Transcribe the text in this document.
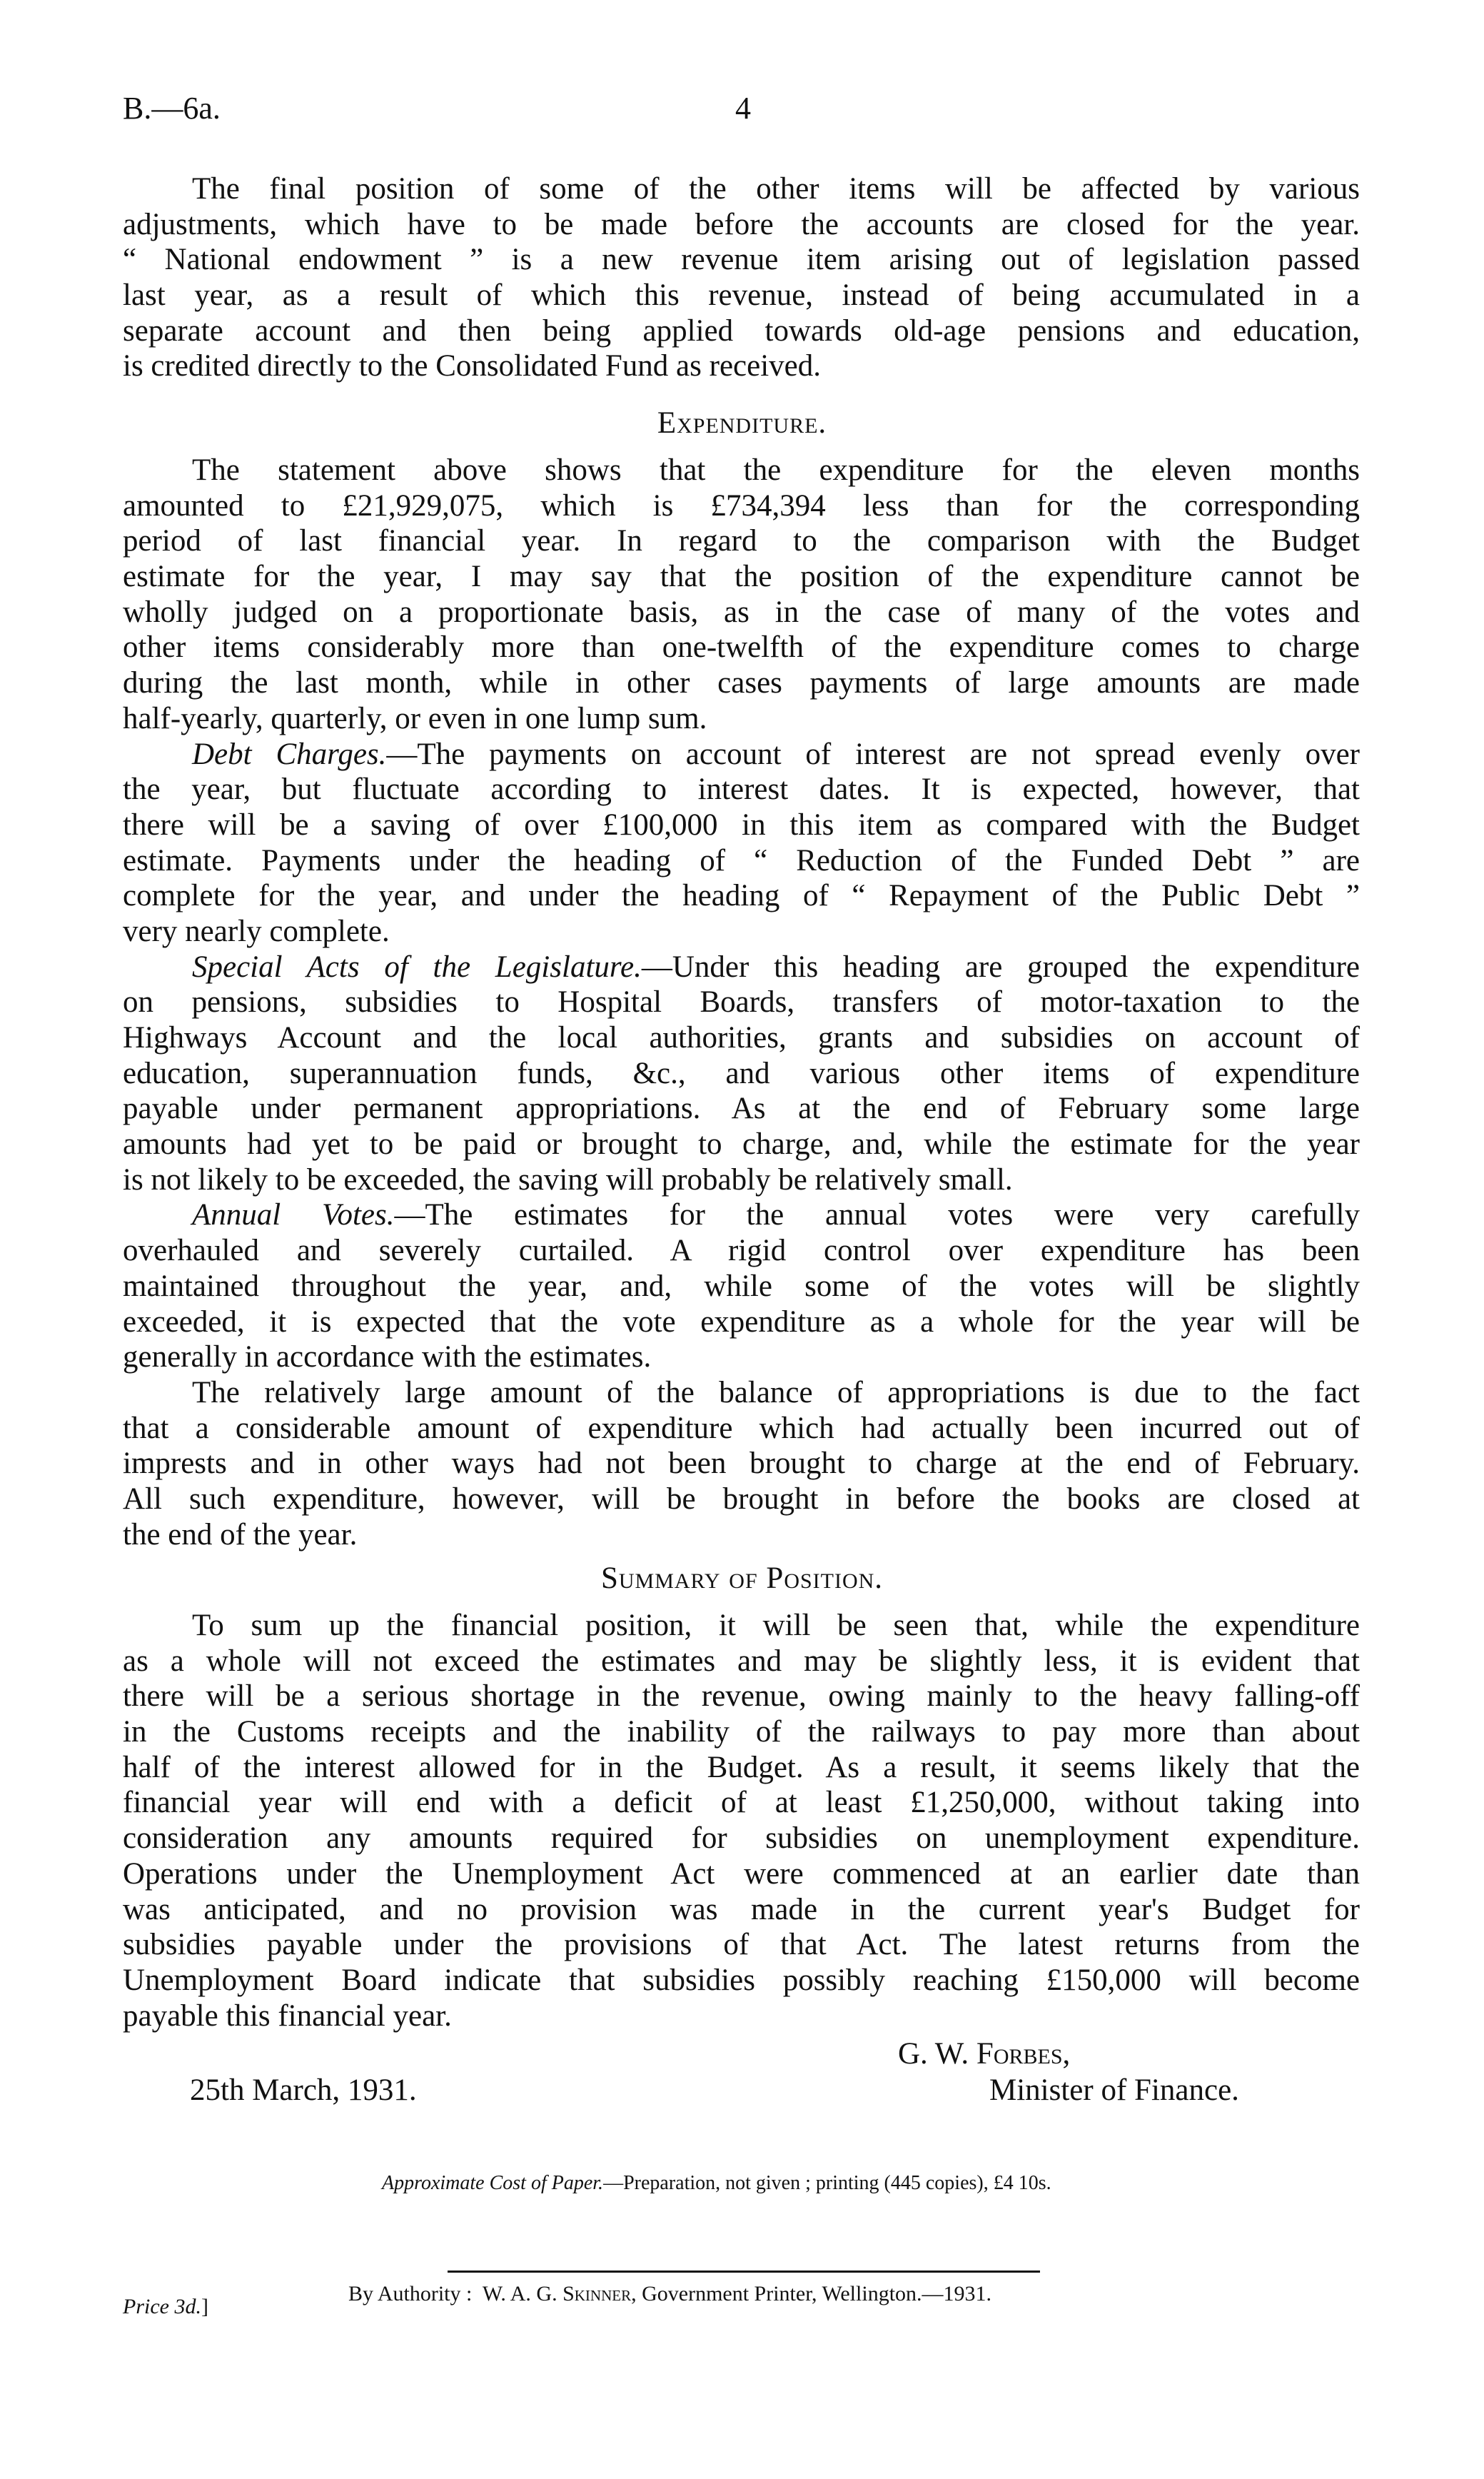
B.—6a.	4
The final position of some of the other items will be affected by various
adjustments, which have to be made before the accounts are closed for the year.
“ National endowment ” is a new revenue item arising out of legislation passed
last year, as a result of which this revenue, instead of being accumulated in a
separate account and then being applied towards old-age pensions and education,
is credited directly to the Consolidated Fund as received.
Expenditure.
The statement above shows that the expenditure for the eleven months
amounted to £21,929,075, which is £734,394 less than for the corresponding
period of last financial year. In regard to the comparison with the Budget
estimate for the year, I may say that the position of the expenditure cannot be
wholly judged on a proportionate basis, as in the case of many of the votes and
other items considerably more than one-twelfth of the expenditure comes to charge
during the last month, while in other cases payments of large amounts are made
half-yearly, quarterly, or even in one lump sum.
Debt Charges.—The payments on account of interest are not spread evenly over
the year, but fluctuate according to interest dates. It is expected, however, that
there will be a saving of over £100,000 in this item as compared with the Budget
estimate. Payments under the heading of “ Reduction of the Funded Debt ” are
complete for the year, and under the heading of “ Repayment of the Public Debt ”
very nearly complete.
Special Acts of the Legislature.—Under this heading are grouped the expenditure
on pensions, subsidies to Hospital Boards, transfers of motor-taxation to the
Highways Account and the local authorities, grants and subsidies on account of
education, superannuation funds, &c., and various other items of expenditure
payable under permanent appropriations. As at the end of February some large
amounts had yet to be paid or brought to charge, and, while the estimate for the year
is not likely to be exceeded, the saving will probably be relatively small.
Annual Votes.—The estimates for the annual votes were very carefully
overhauled and severely curtailed. A rigid control over expenditure has been
maintained throughout the year, and, while some of the votes will be slightly
exceeded, it is expected that the vote expenditure as a whole for the year will be
generally in accordance with the estimates.
The relatively large amount of the balance of appropriations is due to the fact
that a considerable amount of expenditure which had actually been incurred out of
imprests and in other ways had not been brought to charge at the end of February.
All such expenditure, however, will be brought in before the books are closed at
the end of the year.
Summary of Position.
To sum up the financial position, it will be seen that, while the expenditure
as a whole will not exceed the estimates and may be slightly less, it is evident that
there will be a serious shortage in the revenue, owing mainly to the heavy falling-off
in the Customs receipts and the inability of the railways to pay more than about
half of the interest allowed for in the Budget. As a result, it seems likely that the
financial year will end with a deficit of at least £1,250,000, without taking into
consideration any amounts required for subsidies on unemployment expenditure.
Operations under the Unemployment Act were commenced at an earlier date than
was anticipated, and no provision was made in the current year's Budget for
subsidies payable under the provisions of that Act. The latest returns from the
Unemployment Board indicate that subsidies possibly reaching £150,000 will become
payable this financial year.
G. W. Forbes,
25th March, 1931.	Minister of Finance.
Approximate Cost of Paper.—Preparation, not given ; printing (445 copies), £4 10s.
By Authority : W. A. G. Skinner, Government Printer, Wellington.—1931.
Price 3d.]
